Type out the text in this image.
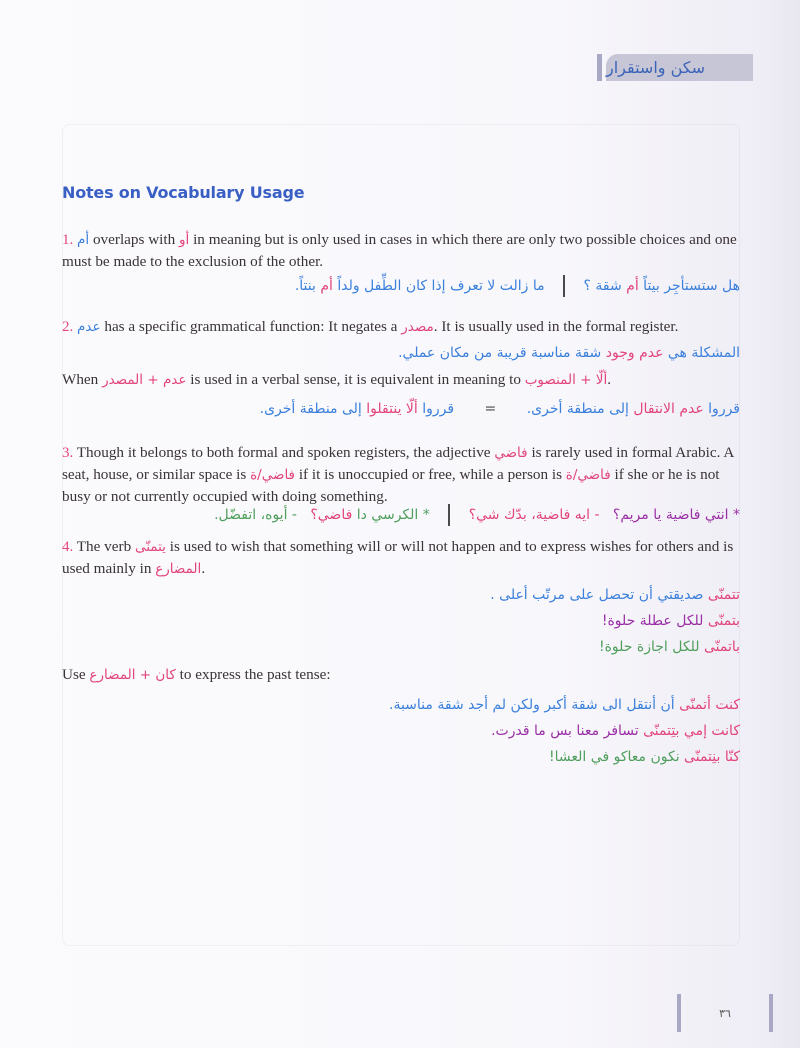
سكن واستقرار
Notes on Vocabulary Usage
1. أم overlaps with أو in meaning but is only used in cases in which there are only two possible choices and one must be made to the exclusion of the other.
هل ستستأجِر بيتاً أم شقة ؟  ما زالت لا تعرف إذا كان الطِّفل ولداً أم بنتاً.
2. عدم has a specific grammatical function: It negates a مصدر. It is usually used in the formal register.
المشكلة هي عدم وجود شقة مناسبة قريبة من مكان عملي.
When عدم + المصدر is used in a verbal sense, it is equivalent in meaning to ألّا + المنصوب.
قرروا عدم الانتقال إلى منطقة أخرى. = قرروا ألّا ينتقلوا إلى منطقة أخرى.
3. Though it belongs to both formal and spoken registers, the adjective فاضي is rarely used in formal Arabic. A seat, house, or similar space is فاضي/ة if it is unoccupied or free, while a person is فاضي/ة if she or he is not busy or not currently occupied with doing something.
* انتي فاضية يا مريم؟   - ايه فاضية، بدّك شي؟  * الكرسي دا فاضي؟   - أيوه، اتفضّل.
4. The verb يتمنّى is used to wish that something will or will not happen and to express wishes for others and is used mainly in المضارع.
تتمنّى صديقتي أن تحصل على مرتّب أعلى .
بتمنّى للكل عطلة حلوة!
باتمنّى للكل اجازة حلوة!
Use كان + المضارع to express the past tense:
كنت أتمنّى أن أنتقل الى شقة أكبر ولكن لم أجد شقة مناسبة.
كانت إمي بتِتمنّى تسافر معنا بس ما قدرت.
كنّا بنِتمنّى نكون معاكو في العشا!
٣٦
